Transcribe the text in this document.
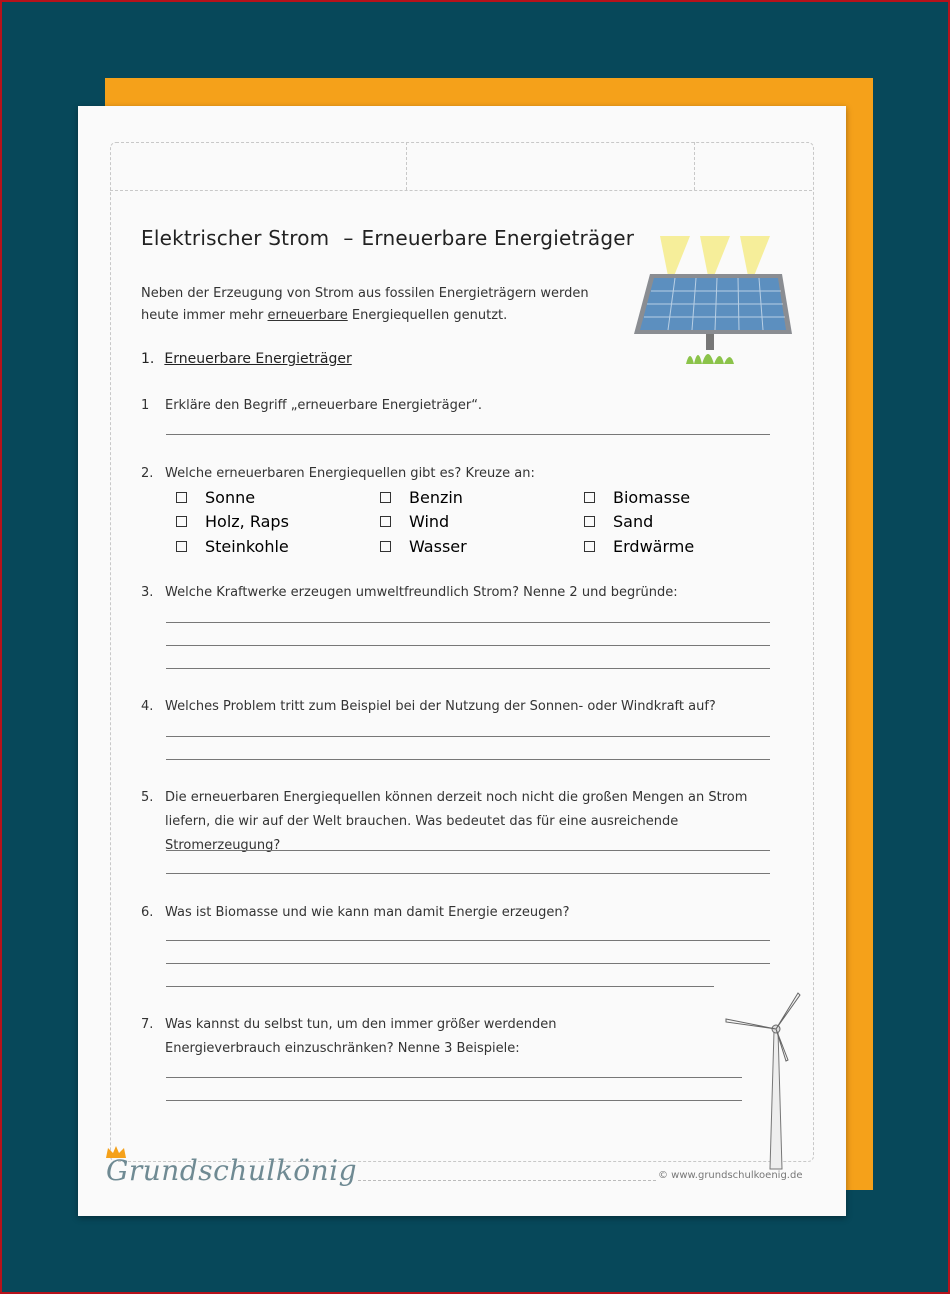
Elektrischer Strom – Erneuerbare Energieträger
Neben der Erzeugung von Strom aus fossilen Energieträgern werden heute immer mehr erneuerbare Energiequellen genutzt.
1. Erneuerbare Energieträger
1 Erkläre den Begriff „erneuerbare Energieträger“.
2. Welche erneuerbaren Energiequellen gibt es? Kreuze an:
Sonne	Benzin	Biomasse
Holz, Raps	Wind	Sand
Steinkohle	Wasser	Erdwärme
3. Welche Kraftwerke erzeugen umweltfreundlich Strom? Nenne 2 und begründe:
4. Welches Problem tritt zum Beispiel bei der Nutzung der Sonnen- oder Windkraft auf?
5. Die erneuerbaren Energiequellen können derzeit noch nicht die großen Mengen an Strom liefern, die wir auf der Welt brauchen. Was bedeutet das für eine ausreichende Stromerzeugung?
6. Was ist Biomasse und wie kann man damit Energie erzeugen?
7. Was kannst du selbst tun, um den immer größer werdenden Energieverbrauch einzuschränken? Nenne 3 Beispiele:
Grundschulkönig	© www.grundschulkoenig.de
